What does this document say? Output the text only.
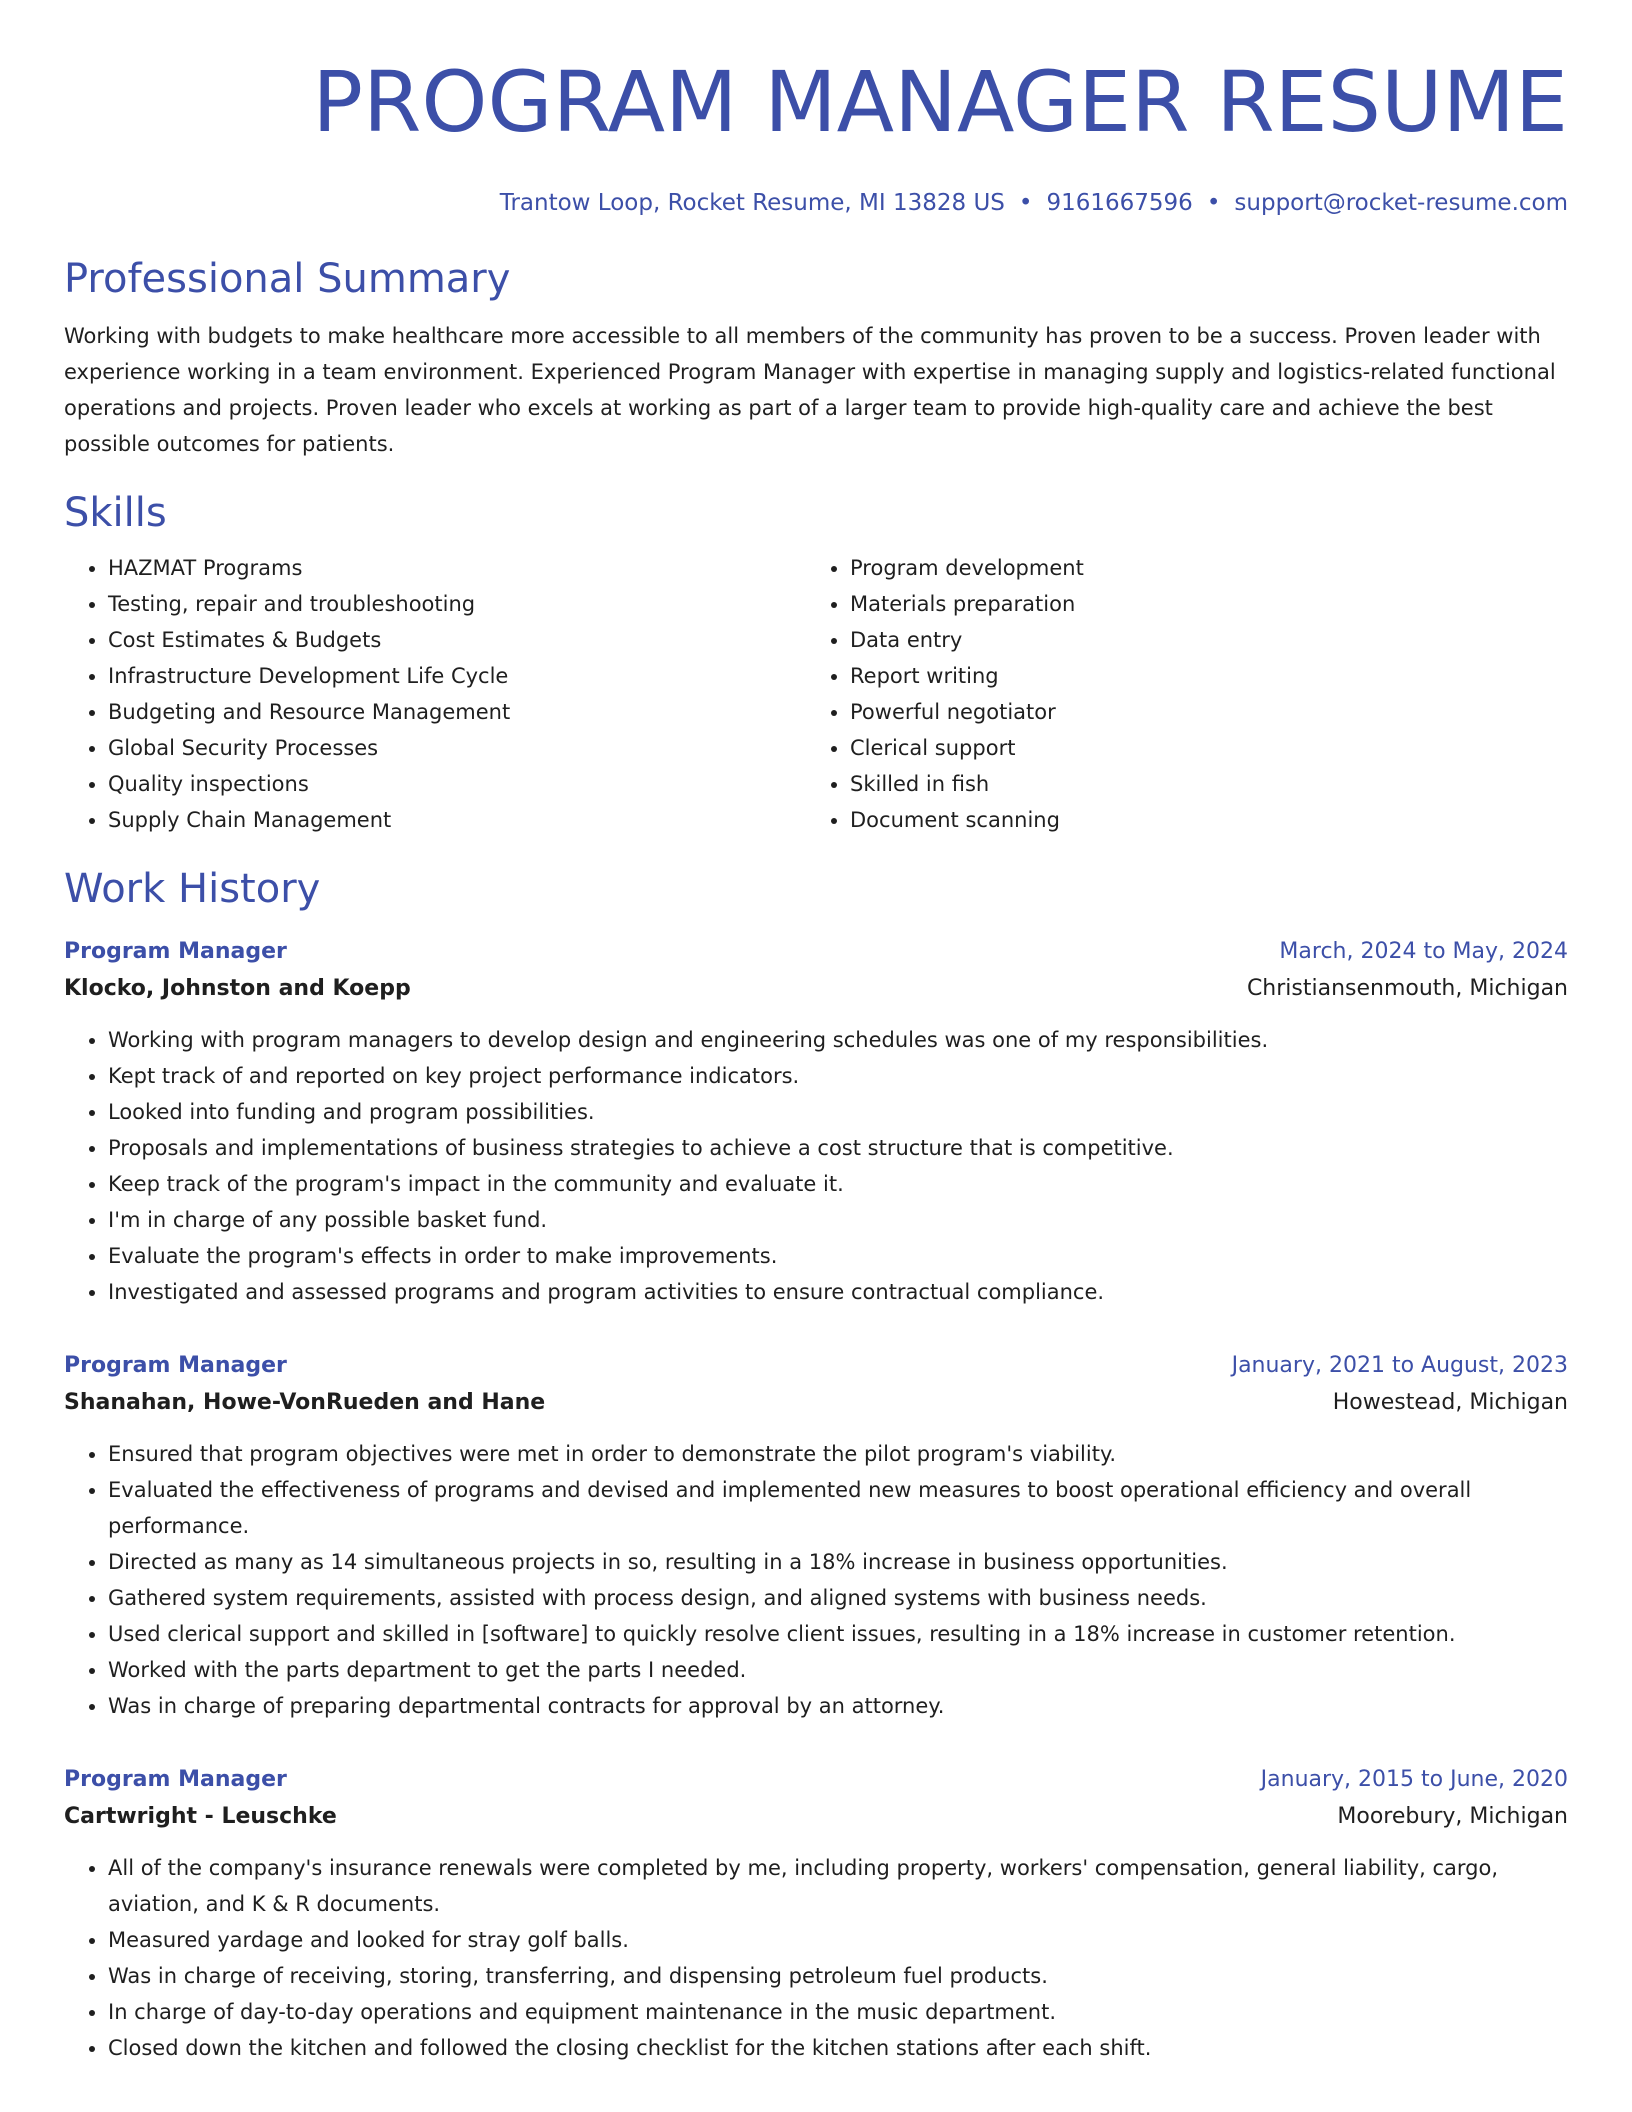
PROGRAM MANAGER RESUME
Trantow Loop, Rocket Resume, MI 13828 US • 9161667596 • support@rocket-resume.com
Professional Summary
Working with budgets to make healthcare more accessible to all members of the community has proven to be a success. Proven leader with experience working in a team environment. Experienced Program Manager with expertise in managing supply and logistics-related functional operations and projects. Proven leader who excels at working as part of a larger team to provide high-quality care and achieve the best possible outcomes for patients.
Skills
• HAZMAT Programs
• Testing, repair and troubleshooting
• Cost Estimates & Budgets
• Infrastructure Development Life Cycle
• Budgeting and Resource Management
• Global Security Processes
• Quality inspections
• Supply Chain Management
• Program development
• Materials preparation
• Data entry
• Report writing
• Powerful negotiator
• Clerical support
• Skilled in fish
• Document scanning
Work History
Program Manager	March, 2024 to May, 2024
Klocko, Johnston and Koepp	Christiansenmouth, Michigan
• Working with program managers to develop design and engineering schedules was one of my responsibilities.
• Kept track of and reported on key project performance indicators.
• Looked into funding and program possibilities.
• Proposals and implementations of business strategies to achieve a cost structure that is competitive.
• Keep track of the program's impact in the community and evaluate it.
• I'm in charge of any possible basket fund.
• Evaluate the program's effects in order to make improvements.
• Investigated and assessed programs and program activities to ensure contractual compliance.
Program Manager	January, 2021 to August, 2023
Shanahan, Howe-VonRueden and Hane	Howestead, Michigan
• Ensured that program objectives were met in order to demonstrate the pilot program's viability.
• Evaluated the effectiveness of programs and devised and implemented new measures to boost operational efficiency and overall performance.
• Directed as many as 14 simultaneous projects in so, resulting in a 18% increase in business opportunities.
• Gathered system requirements, assisted with process design, and aligned systems with business needs.
• Used clerical support and skilled in [software] to quickly resolve client issues, resulting in a 18% increase in customer retention.
• Worked with the parts department to get the parts I needed.
• Was in charge of preparing departmental contracts for approval by an attorney.
Program Manager	January, 2015 to June, 2020
Cartwright - Leuschke	Moorebury, Michigan
• All of the company's insurance renewals were completed by me, including property, workers' compensation, general liability, cargo, aviation, and K & R documents.
• Measured yardage and looked for stray golf balls.
• Was in charge of receiving, storing, transferring, and dispensing petroleum fuel products.
• In charge of day-to-day operations and equipment maintenance in the music department.
• Closed down the kitchen and followed the closing checklist for the kitchen stations after each shift.
